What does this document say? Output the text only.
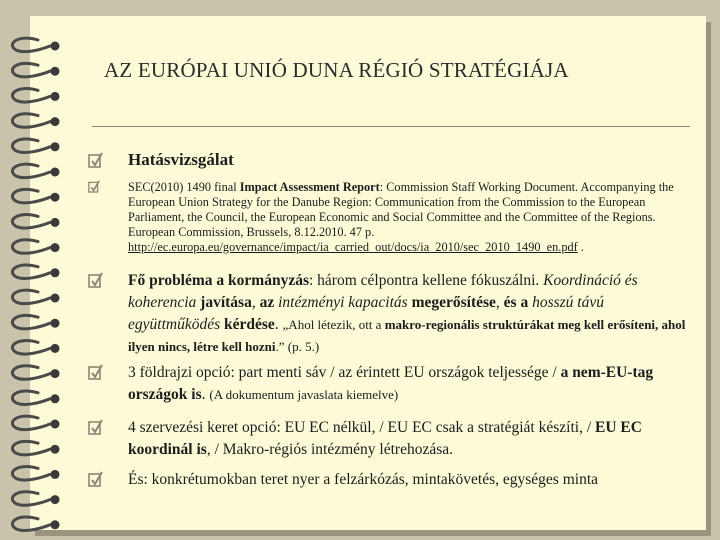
AZ EURÓPAI UNIÓ DUNA RÉGIÓ STRATÉGIÁJA
Hatásvizsgálat
SEC(2010) 1490 final Impact Assessment Report: Commission Staff Working Document. Accompanying the European Union Strategy for the Danube Region: Communication from the Commission to the European Parliament, the Council, the European Economic and Social Committee and the Committee of the Regions. European Commission, Brussels, 8.12.2010. 47 p. http://ec.europa.eu/governance/impact/ia_carried_out/docs/ia_2010/sec_2010_1490_en.pdf .
Fő probléma a kormányzás: három célpontra kellene fókuszálni. Koordináció és koherencia javítása, az intézményi kapacitás megerősítése, és a hosszú távú együttműködés kérdése. „Ahol létezik, ott a makro-regionális struktúrákat meg kell erősíteni, ahol ilyen nincs, létre kell hozni.” (p. 5.)
3 földrajzi opció: part menti sáv / az érintett EU országok teljessége / a nem-EU-tag országok is. (A dokumentum javaslata kiemelve)
4 szervezési keret opció: EU EC nélkül, / EU EC csak a stratégiát készíti, / EU EC koordinál is, / Makro-régiós intézmény létrehozása.
És: konkrétumokban teret nyer a felzárkózás, mintakövetés, egységes minta
